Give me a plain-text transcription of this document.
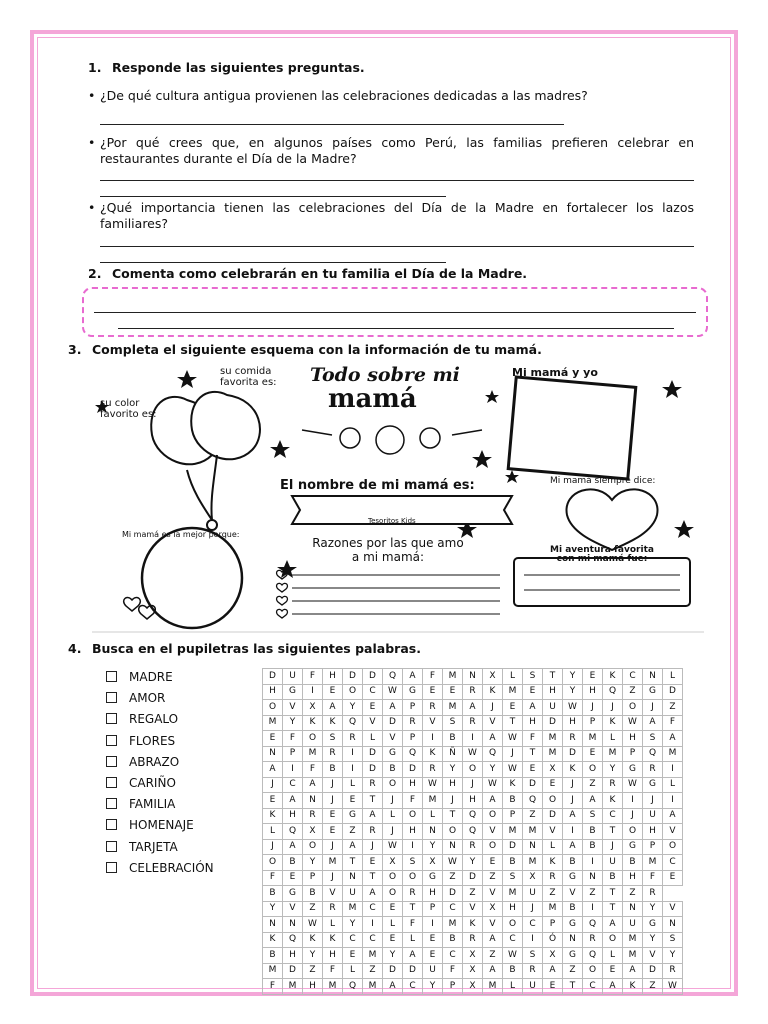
1. Responde las siguientes preguntas.
• ¿De qué cultura antigua provienen las celebraciones dedicadas a las madres?
• ¿Por qué crees que, en algunos países como Perú, las familias prefieren celebrar en restaurantes durante el Día de la Madre?
• ¿Qué importancia tienen las celebraciones del Día de la Madre en fortalecer los lazos familiares?
2. Comenta como celebrarán en tu familia el Día de la Madre.
3. Completa el siguiente esquema con la información de tu mamá.
Todo sobre mi
mamá
su comida favorita es:
su color favorito es:
Mi mamá y yo
El nombre de mi mamá es:
Tesoritos Kids
Mi mamá siempre dice:
Mi mamá es la mejor porque:
Razones por las que amo
a mi mamá:	Mi aventura favorita
con mi mamá fue:
4. Busca en el pupiletras las siguientes palabras.
MADRE
AMOR
REGALO
FLORES
ABRAZO
CARIÑO
FAMILIA
HOMENAJE
TARJETA
CELEBRACIÓN
D	U	F	H	D	D	Q	A	F	M	N	X	L	S	T	Y	E	K	C	N	L
H	G	I	E	O	C	W	G	E	E	R	K	M	E	H	Y	H	Q	Z	G	D
O	V	X	A	Y	E	A	P	R	M	A	J	E	A	U	W	J	J	O	J	Z
M	Y	K	K	Q	V	D	R	V	S	R	V	T	H	D	H	P	K	W	A	F
E	F	O	S	R	L	V	P	I	B	I	A	W	F	M	R	M	L	H	S	A
N	P	M	R	I	D	G	Q	K	Ñ	W	Q	J	T	M	D	E	M	P	Q	M
A	I	F	B	I	D	B	D	R	Y	O	Y	W	E	X	K	O	Y	G	R	I
J	C	A	J	L	R	O	H	W	H	J	W	K	D	E	J	Z	R	W	G	L
E	A	N	J	E	T	J	F	M	J	H	A	B	Q	O	J	A	K	I	J	I
K	H	R	E	G	A	L	O	L	T	Q	O	P	Z	D	A	S	C	J	U	A
L	Q	X	E	Z	R	J	H	N	O	Q	V	M	M	V	I	B	T	O	H	V
J	A	O	J	A	J	W	I	Y	N	R	O	D	N	L	A	B	J	G	P	O
O	B	Y	M	T	E	X	S	X	W	Y	E	B	M	K	B	I	U	B	M	C
F	E	P	J	N	T	O	O	G	Z	D	Z	S	X	R	G	N	B	H	F	E
B	G	B	V	U	A	O	R	H	D	Z	V	M	U	Z	V	Z	T	Z	R	
Y	V	Z	R	M	C	E	T	P	C	V	X	H	J	M	B	I	T	N	Y	V
N	N	W	L	Y	I	L	F	I	M	K	V	O	C	P	G	Q	A	U	G	N
K	Q	K	K	C	C	E	L	E	B	R	A	C	I	Ó	N	R	O	M	Y	S
B	H	Y	H	E	M	Y	A	E	C	X	Z	W	S	X	G	Q	L	M	V	Y
M	D	Z	F	L	Z	D	D	U	F	X	A	B	R	A	Z	O	E	A	D	R
F	M	H	M	Q	M	A	C	Y	P	X	M	L	U	E	T	C	A	K	Z	W
